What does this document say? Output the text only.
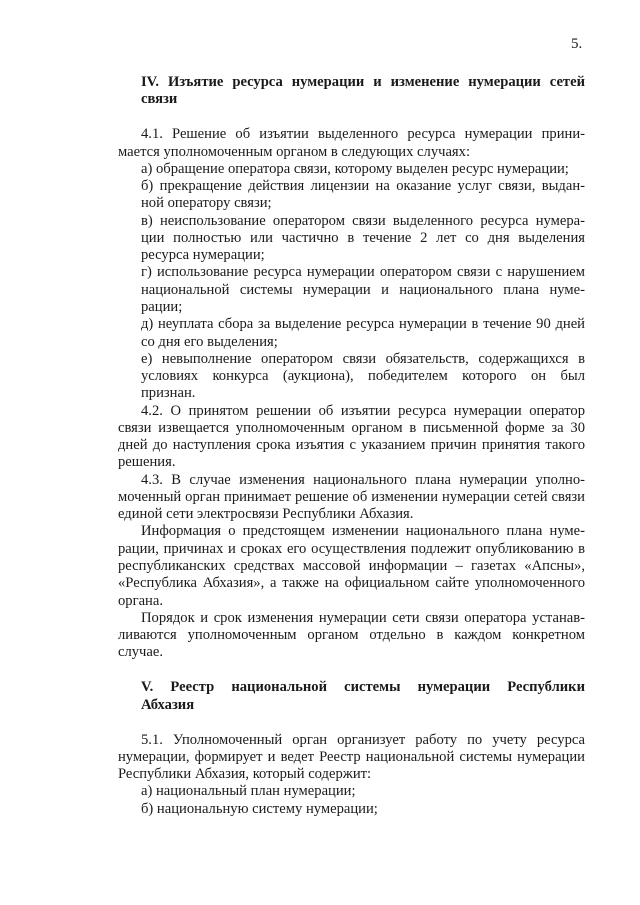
5.
IV. Изъятие ресурса нумерации и изменение нумерации сетей
связи
4.1. Решение об изъятии выделенного ресурса нумерации прини-
мается уполномоченным органом в следующих случаях:
а) обращение оператора связи, которому выделен ресурс нумерации;
б) прекращение действия лицензии на оказание услуг связи, выдан-
ной оператору связи;
в) неиспользование оператором связи выделенного ресурса нумера-
ции полностью или частично в течение 2 лет со дня выделения
ресурса нумерации;
г) использование ресурса нумерации оператором связи с нарушением
национальной системы нумерации и национального плана нуме-
рации;
д) неуплата сбора за выделение ресурса нумерации в течение 90 дней
со дня его выделения;
е) невыполнение оператором связи обязательств, содержащихся в
условиях конкурса (аукциона), победителем которого он был
признан.
4.2. О принятом решении об изъятии ресурса нумерации оператор
связи извещается уполномоченным органом в письменной форме за 30
дней до наступления срока изъятия с указанием причин принятия такого
решения.
4.3. В случае изменения национального плана нумерации уполно-
моченный орган принимает решение об изменении нумерации сетей связи
единой сети электросвязи Республики Абхазия.
Информация о предстоящем изменении национального плана нуме-
рации, причинах и сроках его осуществления подлежит опубликованию в
республиканских средствах массовой информации – газетах «Апсны»,
«Республика Абхазия», а также на официальном сайте уполномоченного
органа.
Порядок и срок изменения нумерации сети связи оператора устанав-
ливаются уполномоченным органом отдельно в каждом конкретном
случае.
V. Реестр национальной системы нумерации Республики
Абхазия
5.1. Уполномоченный орган организует работу по учету ресурса
нумерации, формирует и ведет Реестр национальной системы нумерации
Республики Абхазия, который содержит:
а) национальный план нумерации;
б) национальную систему нумерации;
